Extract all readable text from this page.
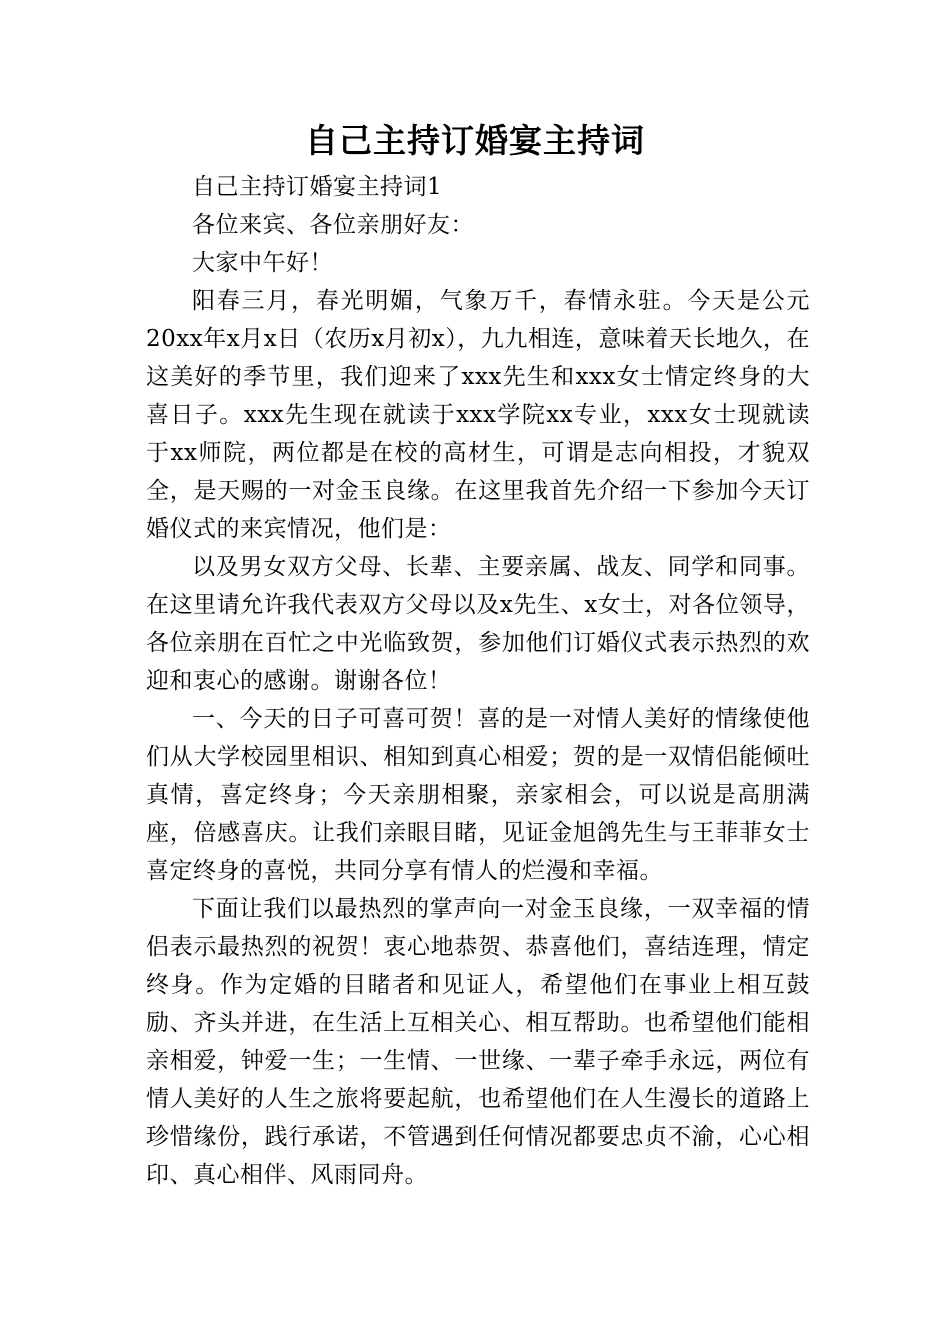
自己主持订婚宴主持词

自己主持订婚宴主持词1

各位来宾、各位亲朋好友：

大家中午好！

阳春三月，春光明媚，气象万千，春情永驻。今天是公元20xx年x月x日（农历x月初x），九九相连，意味着天长地久，在这美好的季节里，我们迎来了xxx先生和xxx女士情定终身的大喜日子。xxx先生现在就读于xxx学院xx专业，xxx女士现就读于xx师院，两位都是在校的高材生，可谓是志向相投，才貌双全，是天赐的一对金玉良缘。在这里我首先介绍一下参加今天订婚仪式的来宾情况，他们是：

以及男女双方父母、长辈、主要亲属、战友、同学和同事。在这里请允许我代表双方父母以及x先生、x女士，对各位领导，各位亲朋在百忙之中光临致贺，参加他们订婚仪式表示热烈的欢迎和衷心的感谢。谢谢各位！

一、今天的日子可喜可贺！喜的是一对情人美好的情缘使他们从大学校园里相识、相知到真心相爱；贺的是一双情侣能倾吐真情，喜定终身；今天亲朋相聚，亲家相会，可以说是高朋满座，倍感喜庆。让我们亲眼目睹，见证金旭鸽先生与王菲菲女士喜定终身的喜悦，共同分享有情人的烂漫和幸福。

下面让我们以最热烈的掌声向一对金玉良缘，一双幸福的情侣表示最热烈的祝贺！衷心地恭贺、恭喜他们，喜结连理，情定终身。作为定婚的目睹者和见证人，希望他们在事业上相互鼓励、齐头并进，在生活上互相关心、相互帮助。也希望他们能相亲相爱，钟爱一生；一生情、一世缘、一辈子牵手永远，两位有情人美好的人生之旅将要起航，也希望他们在人生漫长的道路上珍惜缘份，践行承诺，不管遇到任何情况都要忠贞不渝，心心相印、真心相伴、风雨同舟。
